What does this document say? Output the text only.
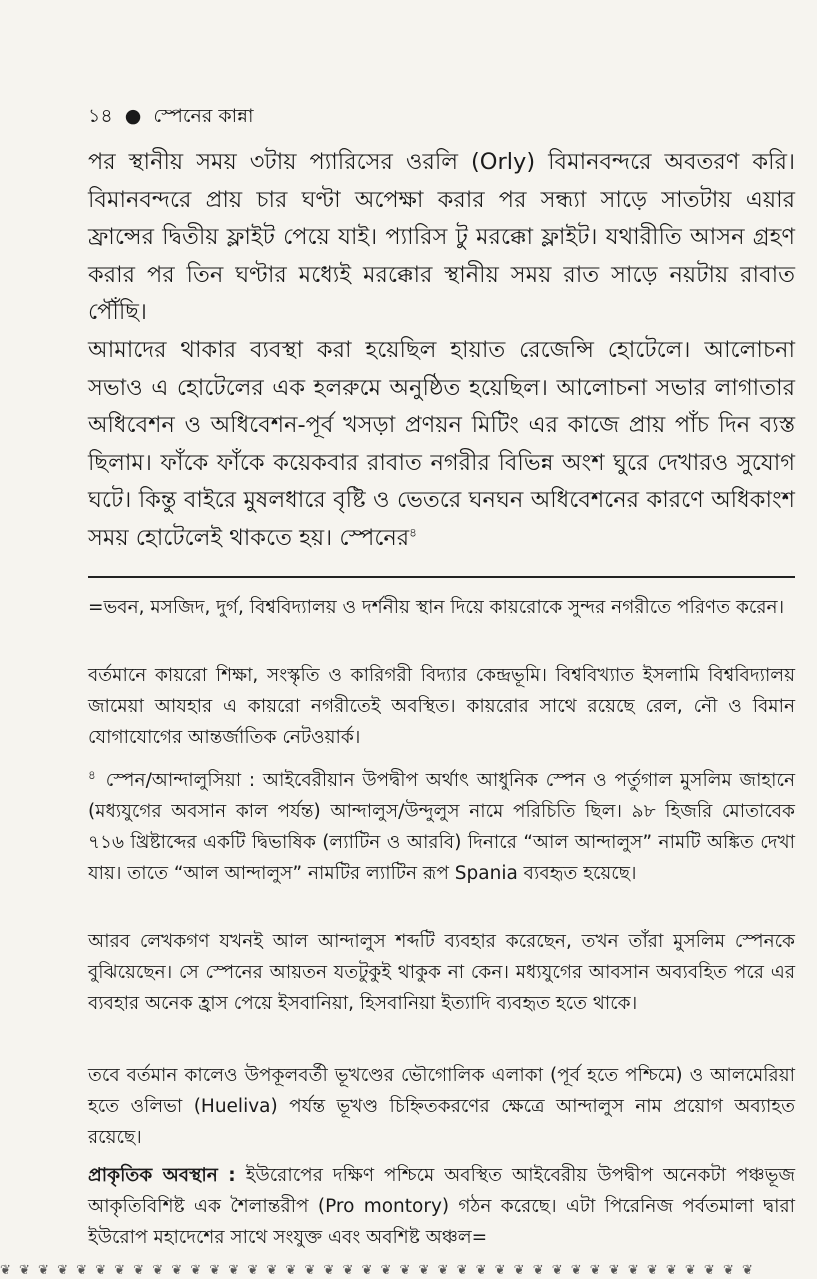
১৪ ● স্পেনের কান্না

পর স্থানীয় সময় ৩টায় প্যারিসের ওরলি (Orly) বিমানবন্দরে অবতরণ করি। বিমানবন্দরে প্রায় চার ঘণ্টা অপেক্ষা করার পর সন্ধ্যা সাড়ে সাতটায় এয়ার ফ্রান্সের দ্বিতীয় ফ্লাইট পেয়ে যাই। প্যারিস টু মরক্কো ফ্লাইট। যথারীতি আসন গ্রহণ করার পর তিন ঘণ্টার মধ্যেই মরক্কোর স্থানীয় সময় রাত সাড়ে নয়টায় রাবাত পৌঁছি।

আমাদের থাকার ব্যবস্থা করা হয়েছিল হায়াত রেজেন্সি হোটেলে। আলোচনা সভাও এ হোটেলের এক হলরুমে অনুষ্ঠিত হয়েছিল। আলোচনা সভার লাগাতার অধিবেশন ও অধিবেশন-পূর্ব খসড়া প্রণয়ন মিটিং এর কাজে প্রায় পাঁচ দিন ব্যস্ত ছিলাম। ফাঁকে ফাঁকে কয়েকবার রাবাত নগরীর বিভিন্ন অংশ ঘুরে দেখারও সুযোগ ঘটে। কিন্তু বাইরে মুষলধারে বৃষ্টি ও ভেতরে ঘনঘন অধিবেশনের কারণে অধিকাংশ সময় হোটেলেই থাকতে হয়। স্পেনের$^৪$

=ভবন, মসজিদ, দুর্গ, বিশ্ববিদ্যালয় ও দর্শনীয় স্থান দিয়ে কায়রোকে সুন্দর নগরীতে পরিণত করেন।

বর্তমানে কায়রো শিক্ষা, সংস্কৃতি ও কারিগরী বিদ্যার কেন্দ্রভূমি। বিশ্ববিখ্যাত ইসলামি বিশ্ববিদ্যালয় জামেয়া আযহার এ কায়রো নগরীতেই অবস্থিত। কায়রোর সাথে রয়েছে রেল, নৌ ও বিমান যোগাযোগের আন্তর্জাতিক নেটওয়ার্ক।

$^৪$ স্পেন/আন্দালুসিয়া : আইবেরীয়ান উপদ্বীপ অর্থাৎ আধুনিক স্পেন ও পর্তুগাল মুসলিম জাহানে (মধ্যযুগের অবসান কাল পর্যন্ত) আন্দালুস/উন্দুলুস নামে পরিচিতি ছিল। ৯৮ হিজরি মোতাবেক ৭১৬ খ্রিষ্টাব্দের একটি দ্বিভাষিক (ল্যাটিন ও আরবি) দিনারে “আল আন্দালুস” নামটি অঙ্কিত দেখা যায়। তাতে “আল আন্দালুস” নামটির ল্যাটিন রূপ Spania ব্যবহৃত হয়েছে।

আরব লেখকগণ যখনই আল আন্দালুস শব্দটি ব্যবহার করেছেন, তখন তাঁরা মুসলিম স্পেনকে বুঝিয়েছেন। সে স্পেনের আয়তন যতটুকুই থাকুক না কেন। মধ্যযুগের আবসান অব্যবহিত পরে এর ব্যবহার অনেক হ্রাস পেয়ে ইসবানিয়া, হিসবানিয়া ইত্যাদি ব্যবহৃত হতে থাকে।

তবে বর্তমান কালেও উপকূলবর্তী ভূখণ্ডের ভৌগোলিক এলাকা (পূর্ব হতে পশ্চিমে) ও আলমেরিয়া হতে ওলিভা (Hueliva) পর্যন্ত ভূখণ্ড চিহ্নিতকরণের ক্ষেত্রে আন্দালুস নাম প্রয়োগ অব্যাহত রয়েছে।

প্রাকৃতিক অবস্থান : ইউরোপের দক্ষিণ পশ্চিমে অবস্থিত আইবেরীয় উপদ্বীপ অনেকটা পঞ্চভূজ আকৃতিবিশিষ্ট এক শৈলান্তরীপ (Pro montory) গঠন করেছে। এটা পিরেনিজ পর্বতমালা দ্বারা ইউরোপ মহাদেশের সাথে সংযুক্ত এবং অবশিষ্ট অঞ্চল=

❦ ❦ ❦ ❦ ❦ ❦ ❦ ❦ ❦ ❦ ❦ ❦ ❦ ❦ ❦ ❦ ❦ ❦ ❦ ❦ ❦ ❦ ❦ ❦ ❦ ❦ ❦ ❦ ❦ ❦ ❦ ❦ ❦ ❦ ❦ ❦ ❦ ❦ ❦ ❦
